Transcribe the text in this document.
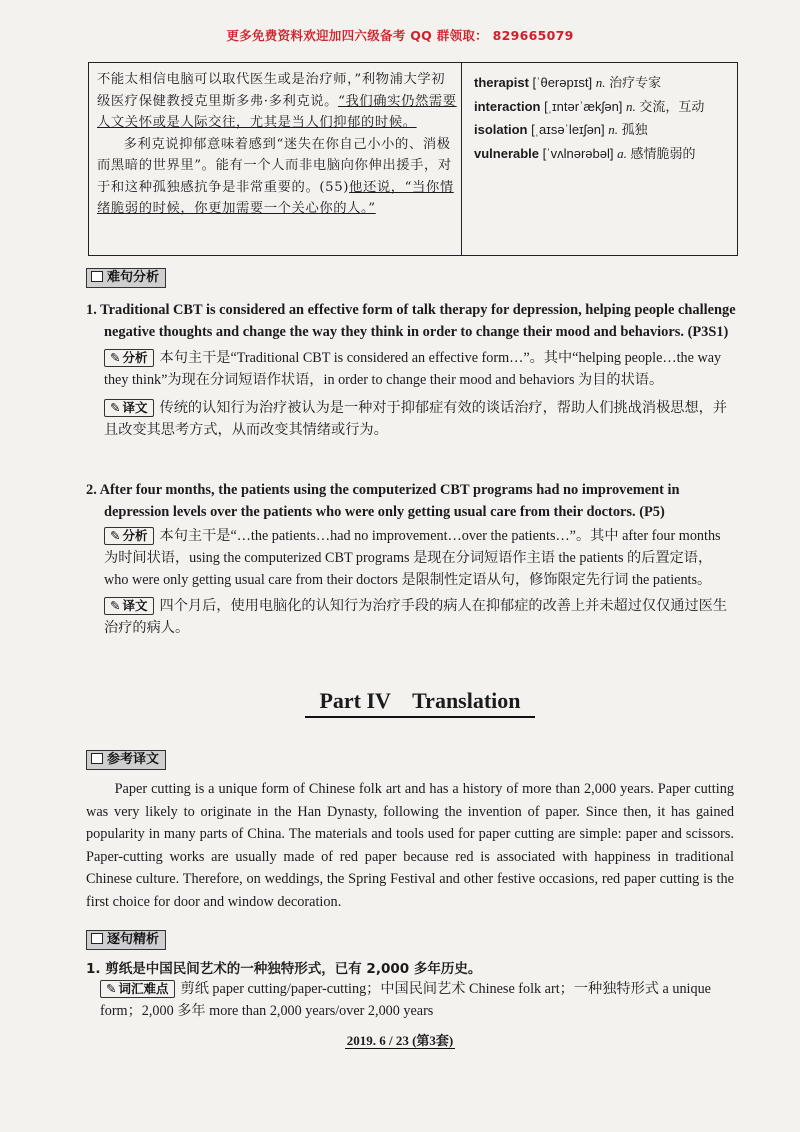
更多免费资料欢迎加四六级备考 QQ 群领取： 829665079

不能太相信电脑可以取代医生或是治疗师，”利物浦大学初级医疗保健教授克里斯多弗·多利克说。“我们确实仍然需要人文关怀或是人际交往，尤其是当人们抑郁的时候。

多利克说抑郁意味着感到“迷失在你自己小小的、消极而黑暗的世界里”。能有一个人而非电脑向你伸出援手，对于和这种孤独感抗争是非常重要的。(55)他还说，“当你情绪脆弱的时候，你更加需要一个关心你的人。”

therapist [ˈθerəpɪst] n. 治疗专家
interaction [ˌɪntərˈækʃən] n. 交流，互动
isolation [ˌaɪsəˈleɪʃən] n. 孤独
vulnerable [ˈvʌlnərəbəl] a. 感情脆弱的
难句分析
1. Traditional CBT is considered an effective form of talk therapy for depression, helping people challenge negative thoughts and change the way they think in order to change their mood and behaviors. (P3S1)
✎ 分析 本句主干是“Traditional CBT is considered an effective form…”。其中“helping people…the way they think”为现在分词短语作状语，in order to change their mood and behaviors 为目的状语。
✎ 译文 传统的认知行为治疗被认为是一种对于抑郁症有效的谈话治疗，帮助人们挑战消极思想，并且改变其思考方式，从而改变其情绪或行为。
2. After four months, the patients using the computerized CBT programs had no improvement in depression levels over the patients who were only getting usual care from their doctors. (P5)
✎ 分析 本句主干是“…the patients…had no improvement…over the patients…”。其中 after four months 为时间状语，using the computerized CBT programs 是现在分词短语作主语 the patients 的后置定语，who were only getting usual care from their doctors 是限制性定语从句，修饰限定先行词 the patients。
✎ 译文 四个月后，使用电脑化的认知行为治疗手段的病人在抑郁症的改善上并未超过仅仅通过医生治疗的病人。
Part IV    Translation
参考译文
Paper cutting is a unique form of Chinese folk art and has a history of more than 2,000 years. Paper cutting was very likely to originate in the Han Dynasty, following the invention of paper. Since then, it has gained popularity in many parts of China. The materials and tools used for paper cutting are simple: paper and scissors. Paper-cutting works are usually made of red paper because red is associated with happiness in traditional Chinese culture. Therefore, on weddings, the Spring Festival and other festive occasions, red paper cutting is the first choice for door and window decoration.
逐句精析
1. 剪纸是中国民间艺术的一种独特形式，已有 2,000 多年历史。
✎ 词汇难点 剪纸 paper cutting/paper-cutting；中国民间艺术 Chinese folk art；一种独特形式 a unique form；2,000 多年 more than 2,000 years/over 2,000 years
2019. 6 / 23 (第3套)
